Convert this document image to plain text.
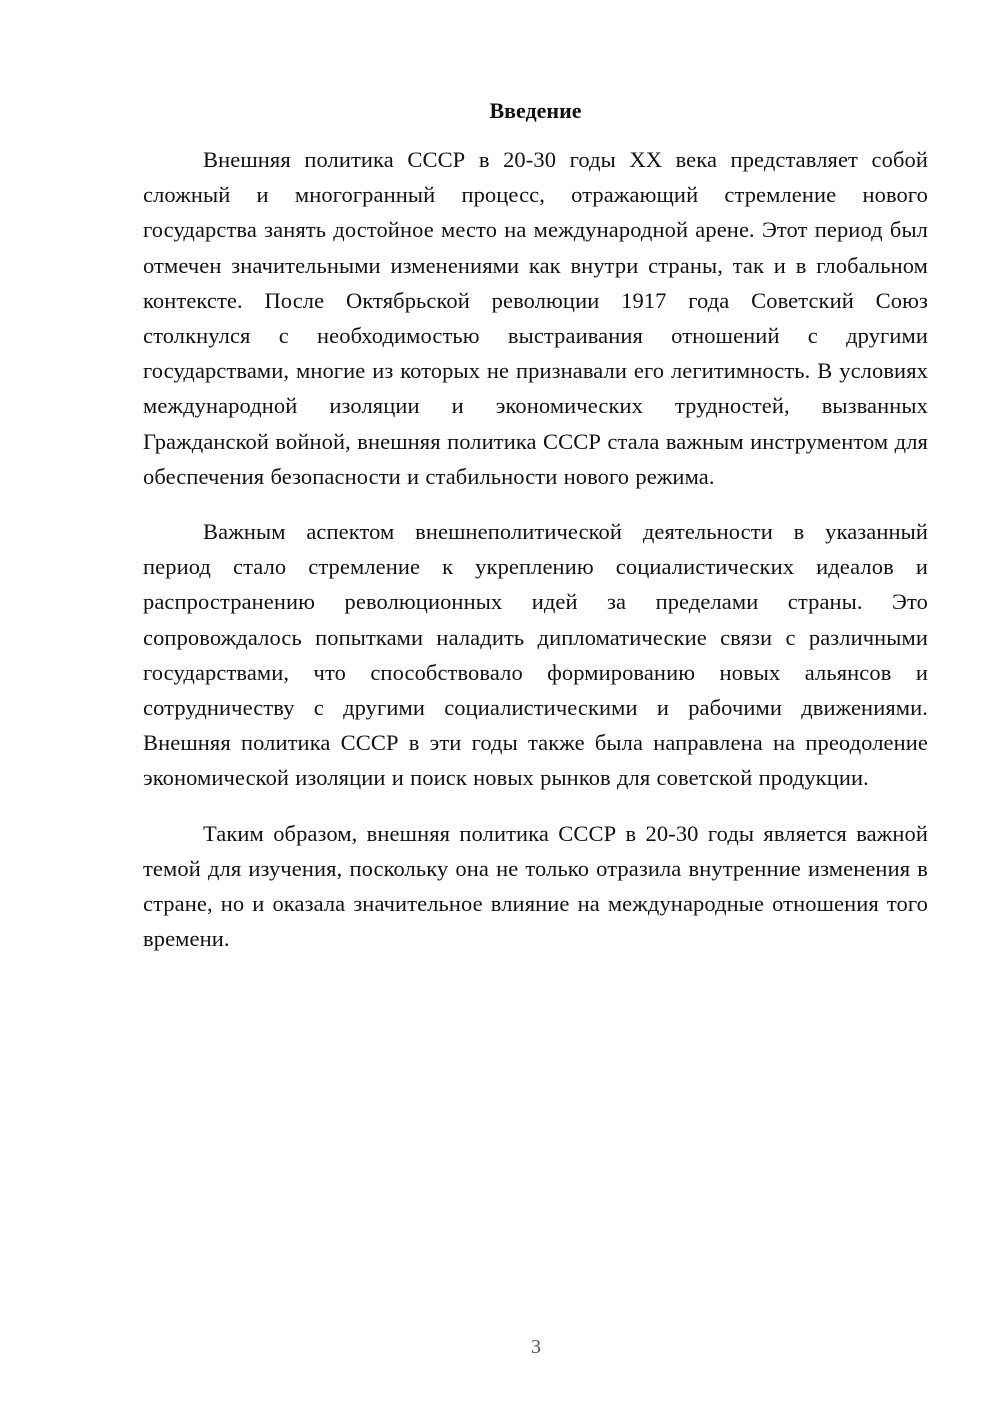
Введение

Внешняя политика СССР в 20-30 годы XX века представляет собой сложный и многогранный процесс, отражающий стремление нового государства занять достойное место на международной арене. Этот период был отмечен значительными изменениями как внутри страны, так и в глобальном контексте. После Октябрьской революции 1917 года Советский Союз столкнулся с необходимостью выстраивания отношений с другими государствами, многие из которых не признавали его легитимность. В условиях международной изоляции и экономических трудностей, вызванных Гражданской войной, внешняя политика СССР стала важным инструментом для обеспечения безопасности и стабильности нового режима.

Важным аспектом внешнеполитической деятельности в указанный период стало стремление к укреплению социалистических идеалов и распространению революционных идей за пределами страны. Это сопровождалось попытками наладить дипломатические связи с различными государствами, что способствовало формированию новых альянсов и сотрудничеству с другими социалистическими и рабочими движениями. Внешняя политика СССР в эти годы также была направлена на преодоление экономической изоляции и поиск новых рынков для советской продукции.

Таким образом, внешняя политика СССР в 20-30 годы является важной темой для изучения, поскольку она не только отразила внутренние изменения в стране, но и оказала значительное влияние на международные отношения того времени.

3
